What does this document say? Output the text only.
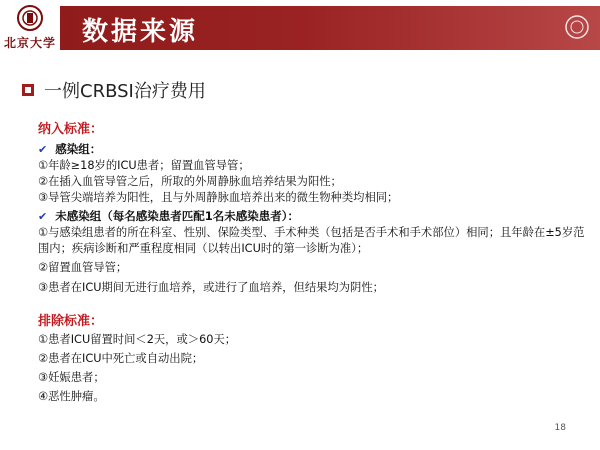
北京大学 数据来源
一例CRBSI治疗费用
纳入标准：
✔ 感染组：
①年龄≥18岁的ICU患者；留置血管导管；
②在插入血管导管之后，所取的外周静脉血培养结果为阳性；
③导管尖端培养为阳性，且与外周静脉血培养出来的微生物种类均相同；
✔ 未感染组（每名感染患者匹配1名未感染患者）：
①与感染组患者的所在科室、性别、保险类型、手术种类（包括是否手术和手术部位）相同；且年龄在±5岁范围内；疾病诊断和严重程度相同（以转出ICU时的第一诊断为准）；
②留置血管导管；
③患者在ICU期间无进行血培养，或进行了血培养，但结果均为阴性；
排除标准：
①患者ICU留置时间＜2天，或＞60天；
②患者在ICU中死亡或自动出院；
③妊娠患者；
④恶性肿瘤。
18
